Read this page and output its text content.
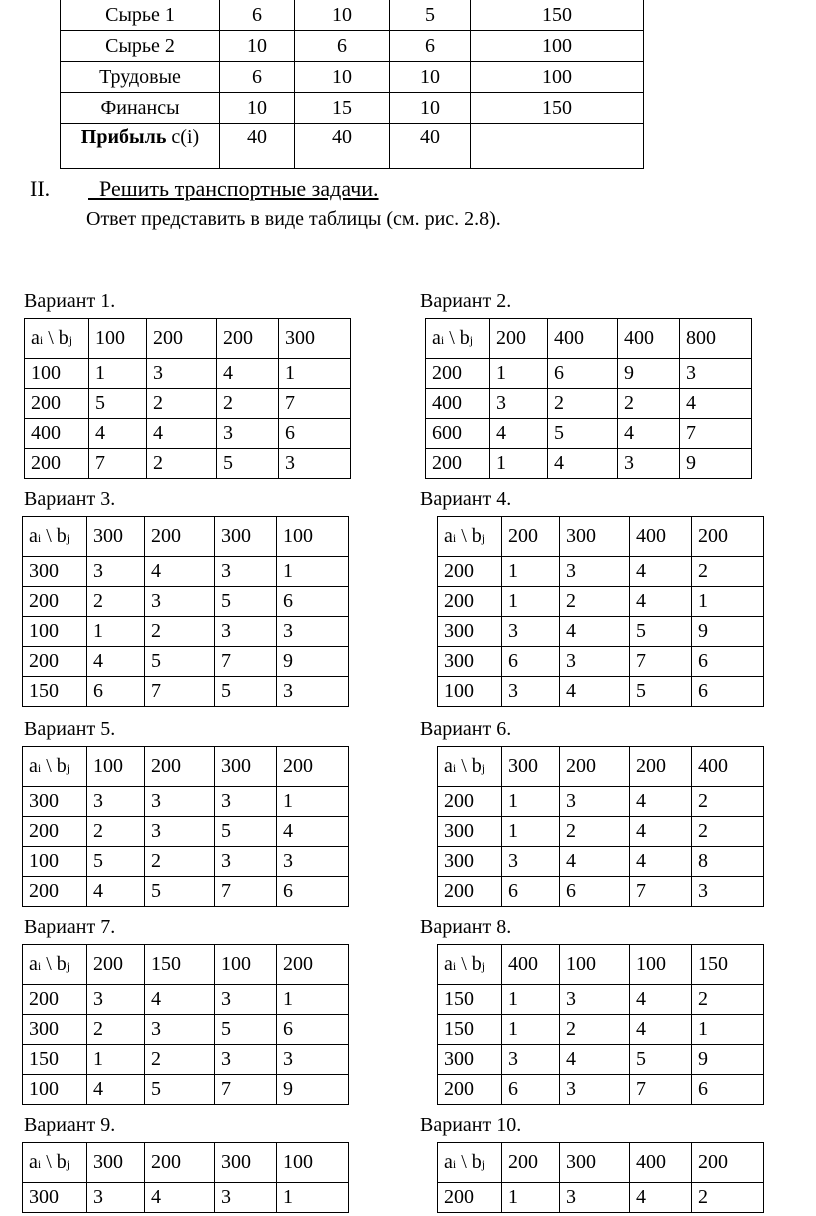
Сырье 1	6	10	5	150
Сырье 2	10	6	6	100
Трудовые	6	10	10	100
Финансы	10	15	10	150
Прибыль c(i)	40	40	40	
II. Решить транспортные задачи.
Ответ представить в виде таблицы (см. рис. 2.8).
Вариант 1.
ai \ bj	100	200	200	300
100	1	3	4	1
200	5	2	2	7
400	4	4	3	6
200	7	2	5	3
Вариант 2.
ai \ bj	200	400	400	800
200	1	6	9	3
400	3	2	2	4
600	4	5	4	7
200	1	4	3	9
Вариант 3.
ai \ bj	300	200	300	100
300	3	4	3	1
200	2	3	5	6
100	1	2	3	3
200	4	5	7	9
150	6	7	5	3
Вариант 4.
ai \ bj	200	300	400	200
200	1	3	4	2
200	1	2	4	1
300	3	4	5	9
300	6	3	7	6
100	3	4	5	6
Вариант 5.
ai \ bj	100	200	300	200
300	3	3	3	1
200	2	3	5	4
100	5	2	3	3
200	4	5	7	6
Вариант 6.
ai \ bj	300	200	200	400
200	1	3	4	2
300	1	2	4	2
300	3	4	4	8
200	6	6	7	3
Вариант 7.
ai \ bj	200	150	100	200
200	3	4	3	1
300	2	3	5	6
150	1	2	3	3
100	4	5	7	9
Вариант 8.
ai \ bj	400	100	100	150
150	1	3	4	2
150	1	2	4	1
300	3	4	5	9
200	6	3	7	6
Вариант 9.
ai \ bj	300	200	300	100
300	3	4	3	1
Вариант 10.
ai \ bj	200	300	400	200
200	1	3	4	2
